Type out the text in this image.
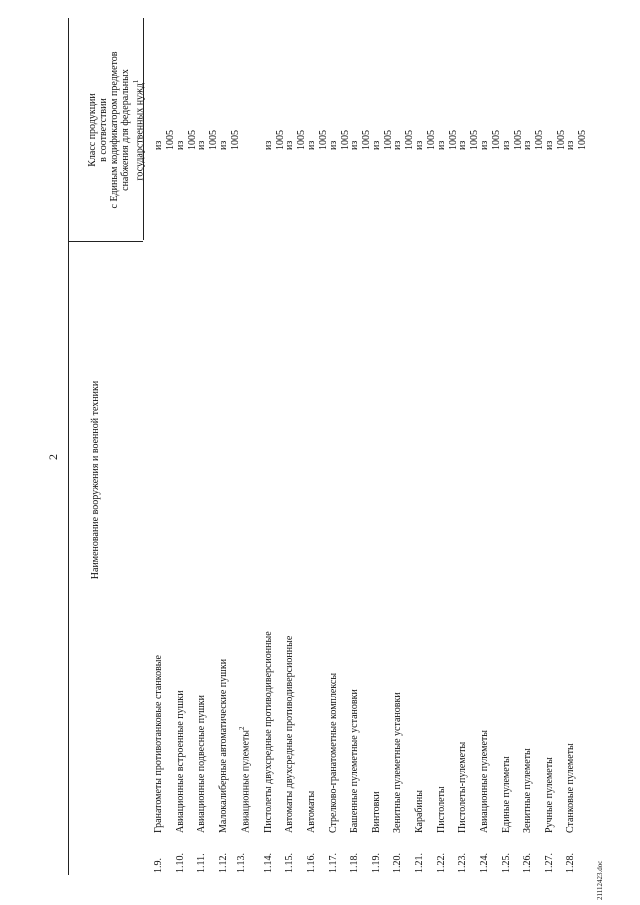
2	Наименование вооружения и военной техники
Класс продукции в соответствии с Единым кодификатором предметов снабжения для федеральных государственных нужд$^1$
1.9.
Гранатометы противотанковые станковые
из 1005
1.10.
Авиационные встроенные пушки
из 1005
1.11.
Авиационные подвесные пушки
из 1005
1.12.
Малокалиберные автоматические пушки
из 1005
1.13.
Авиационные пулеметы$^2$
1.14.
Пистолеты двухсредные противодиверсионные
из 1005
1.15.
Автоматы двухсредные противодиверсионные
из 1005
1.16.
Автоматы
из 1005
1.17.
Стрелково-гранатометные комплексы
из 1005
1.18.
Башенные пулеметные установки
из 1005
1.19.
Винтовки
из 1005
1.20.
Зенитные пулеметные установки
из 1005
1.21.
Карабины
из 1005
1.22.
Пистолеты
из 1005
1.23.
Пистолеты-пулеметы
из 1005
1.24.
Авиационные пулеметы
из 1005
1.25.
Единые пулеметы
из 1005
1.26.
Зенитные пулеметы
из 1005
1.27.
Ручные пулеметы
из 1005
1.28.
Станковые пулеметы
из 1005
21112423.doc
